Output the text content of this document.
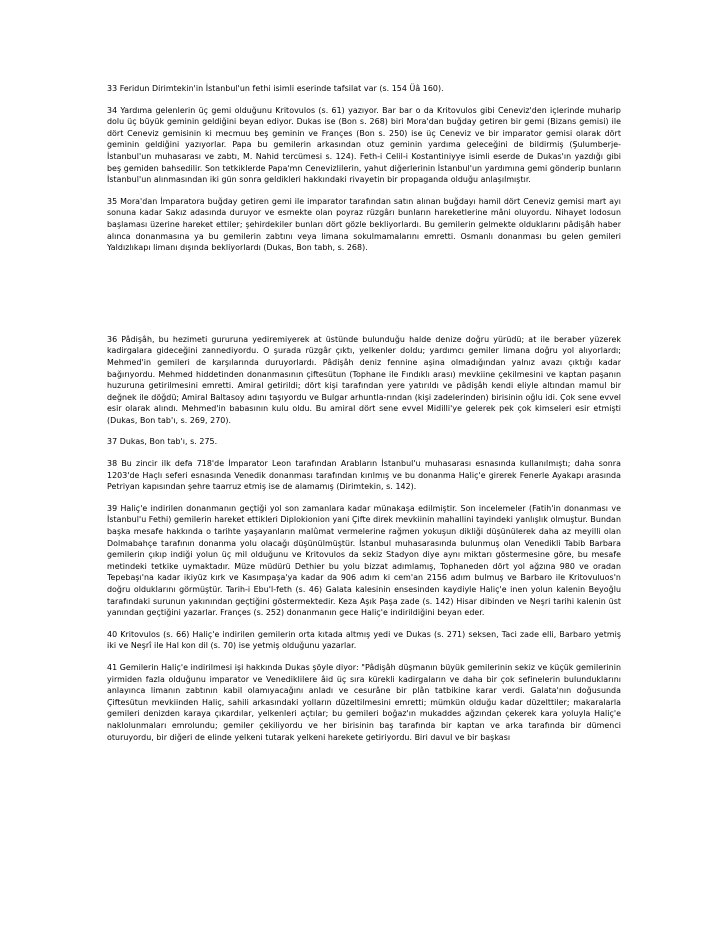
33 Feridun Dirimtekin'in İstanbul'un fethi isimli eserinde tafsilat var (s. 154 Üâ 160).

34 Yardıma gelenlerin üç gemi olduğunu Kritovulos (s. 61) yazıyor. Bar bar o da Kritovulos gibi Ceneviz'den içlerinde muharip dolu üç büyük geminin geldiğini beyan ediyor. Dukas ise (Bon s. 268) biri Mora'dan buğday getiren bir gemi (Bizans gemisi) ile dört Ceneviz gemisinin ki mecmuu beş geminin ve Françes (Bon s. 250) ise üç Ceneviz ve bir imparator gemisi olarak dört geminin geldiğini yazıyorlar. Papa bu gemilerin arkasından otuz geminin yardıma geleceğini de bildirmiş (Şulumberje-İstanbul'un muhasarası ve zabtı, M. Nahid tercümesi s. 124). Feth-i Celil-i Kostantiniyye isimli eserde de Dukas'ın yazdığı gibi beş gemiden bahsedilir. Son tetkiklerde Papa'mn Cenevizlilerin, yahut diğerlerinin İstanbul'un yardımına gemi gönderip bunların İstanbul'un alınmasından iki gün sonra geldikleri hakkındaki rivayetin bir propaganda olduğu anlaşılmıştır.

35 Mora'dan İmparatora buğday getiren gemi ile imparator tarafından satın alınan buğdayı hamil dört Ceneviz gemisi mart ayı sonuna kadar Sakız adasında duruyor ve esmekte olan poyraz rüzgârı bunların hareketlerine mâni oluyordu. Nihayet lodosun başlaması üzerine hareket ettiler; şehirdekiler bunları dört gözle bekliyorlardı. Bu gemilerin gelmekte olduklarını pâdişâh haber alınca donanmasına ya bu gemilerin zabtını veya limana sokulmamalarını emretti. Osmanlı donanması bu gelen gemileri Yaldızlıkapı limanı dışında bekliyorlardı (Dukas, Bon tabh, s. 268).

36 Pâdişâh, bu hezimeti gururuna yediremiyerek at üstünde bulunduğu halde denize doğru yürüdü; at ile beraber yüzerek kadirgalara gideceğini zannediyordu. O şurada rüzgâr çıktı, yelkenler doldu; yardımcı gemiler limana doğru yol alıyorlardı; Mehmed'in gemileri de karşılarında duruyorlardı. Pâdişâh deniz fennine aşina olmadığından yalnız avazı çıktığı kadar bağırıyordu. Mehmed hiddetinden donanmasının çiftesütun (Tophane ile Fındıklı arası) mevkiine çekilmesini ve kaptan paşanın huzuruna getirilmesini emretti. Amiral getirildi; dört kişi tarafından yere yatırıldı ve pâdişâh kendi eliyle altından mamul bir değnek ile döğdü; Amiral Baltasoy adını taşıyordu ve Bulgar arhuntla-rından (kişi zadelerinden) birisinin oğlu idi. Çok sene evvel esir olarak alındı. Mehmed'in babasının kulu oldu. Bu amiral dört sene evvel Midilli'ye gelerek pek çok kimseleri esir etmişti (Dukas, Bon tab'ı, s. 269, 270).

37 Dukas, Bon tab'ı, s. 275.

38 Bu zincir ilk defa 718'de İmparator Leon tarafından Arabların İstanbul'u muhasarası esnasında kullanılmıştı; daha sonra 1203'de Haçlı seferi esnasında Venedik donanması tarafından kırılmış ve bu donanma Haliç'e girerek Fenerle Ayakapı arasında Petriyan kapısından şehre taarruz etmiş ise de alamamış (Dirimtekin, s. 142).

39 Haliç'e indirilen donanmanın geçtiği yol son zamanlara kadar münakaşa edilmiştir. Son incelemeler (Fatih'in donanması ve İstanbul'u Fethi) gemilerin hareket ettikleri Diplokionion yani Çifte direk mevkiinin mahallini tayindeki yanlışlık olmuştur. Bundan başka mesafe hakkında o tarihte yaşayanların malûmat vermelerine rağmen yokuşun dikliği düşünülerek daha az meyilli olan Dolmabahçe tarafının donanma yolu olacağı düşünülmüştür. İstanbul muhasarasında bulunmuş olan Venedikli Tabib Barbara gemilerin çıkıp indiği yolun üç mil olduğunu ve Kritovulos da sekiz Stadyon diye aynı miktarı göstermesine göre, bu mesafe metindeki tetkike uymaktadır. Müze müdürü Dethier bu yolu bizzat adımlamış, Tophaneden dört yol ağzına 980 ve oradan Tepebaşı'na kadar ikiyüz kırk ve Kasımpaşa'ya kadar da 906 adım ki cem'an 2156 adım bulmuş ve Barbaro ile Kritovuluos'n doğru olduklarını görmüştür. Tarih-i Ebu'l-feth (s. 46) Galata kalesinin ensesinden kaydiyle Haliç'e inen yolun kalenin Beyoğlu tarafındaki surunun yakınından geçtiğini göstermektedir. Keza Aşık Paşa zade (s. 142) Hisar dibinden ve Neşri tarihi kalenin üst yanından geçtiğini yazarlar. Françes (s. 252) donanmanın gece Haliç'e indirildiğini beyan eder.

40 Kritovulos (s. 66) Haliç'e indirilen gemilerin orta kıtada altmış yedi ve Dukas (s. 271) seksen, Taci zade elli, Barbaro yetmiş iki ve Neşrî ile Hal kon dil (s. 70) ise yetmiş olduğunu yazarlar.

41 Gemilerin Haliç'e indirilmesi işi hakkında Dukas şöyle diyor: "Pâdişâh düşmanın büyük gemilerinin sekiz ve küçük gemilerinin yirmiden fazla olduğunu imparator ve Venediklilere âid üç sıra kürekli kadirgaların ve daha bir çok sefinelerin bulunduklarını anlayınca limanın zabtının kabil olamıyacağını anladı ve cesurâne bir plân tatbikine karar verdi. Galata'nın doğusunda Çiftesütun mevkiinden Haliç, sahili arkasındaki yolların düzeltilmesini emretti; mümkün olduğu kadar düzelttiler; makaralarla gemileri denizden karaya çıkardılar, yelkenleri açtılar; bu gemileri boğaz'ın mukaddes ağzından çekerek kara yoluyla Haliç'e naklolunmaları emrolundu; gemiler çekiliyordu ve her birisinin baş tarafında bir kaptan ve arka tarafında bir dümenci oturuyordu, bir diğeri de elinde yelkeni tutarak yelkeni harekete getiriyordu. Biri davul ve bir başkası
